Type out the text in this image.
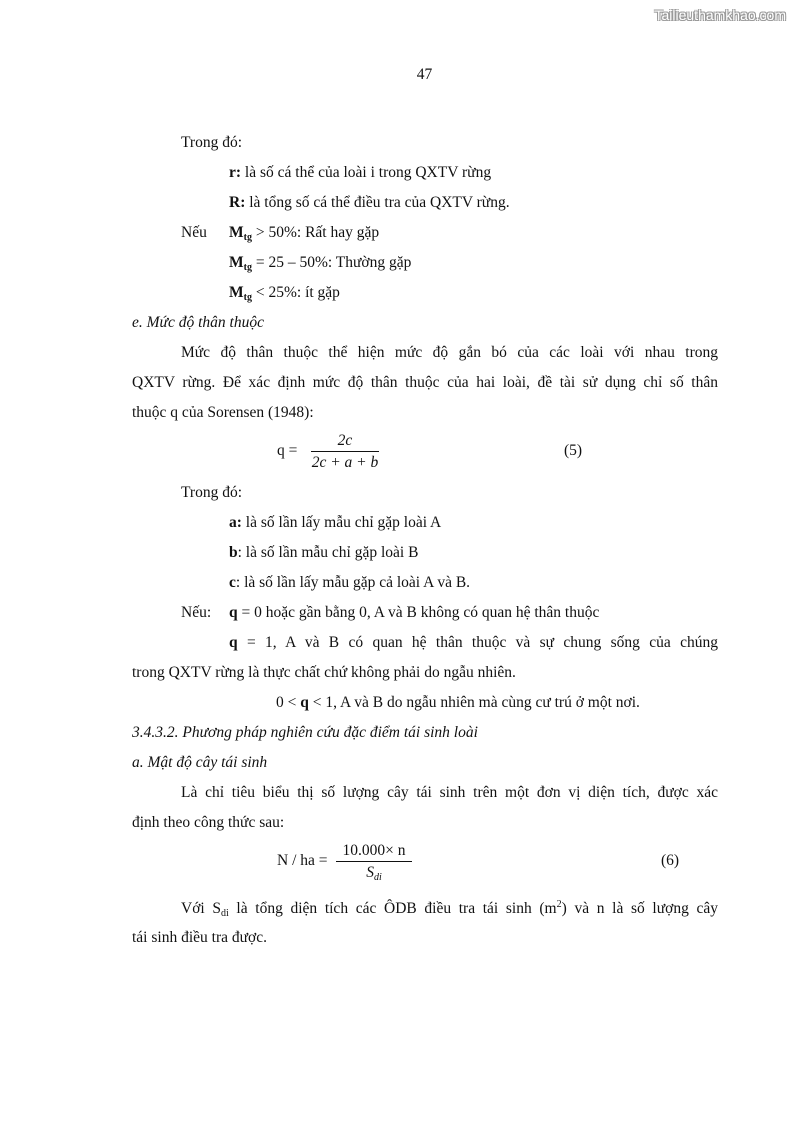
Tailieuthamkhao.com
47
Trong đó:
r: là số cá thể của loài i trong QXTV rừng
R: là tổng số cá thể điều tra của QXTV rừng.
Nếu $M_{tg} > 50\%$: Rất hay gặp
$M_{tg} = 25 - 50\%$: Thường gặp
$M_{tg} < 25\%$: ít gặp
e. Mức độ thân thuộc
Mức độ thân thuộc thể hiện mức độ gắn bó của các loài với nhau trong
QXTV rừng. Để xác định mức độ thân thuộc của hai loài, đề tài sử dụng chỉ số thân
thuộc q của Sorensen (1948):
q =
2c
2c + a + b
(5)
Trong đó:
a: là số lần lấy mẫu chỉ gặp loài A
b: là số lần mẫu chỉ gặp loài B
c: là số lần lấy mẫu gặp cả loài A và B.
Nếu: q = 0 hoặc gần bằng 0, A và B không có quan hệ thân thuộc
q = 1, A và B có quan hệ thân thuộc và sự chung sống của chúng
trong QXTV rừng là thực chất chứ không phải do ngẫu nhiên.
0 < q < 1, A và B do ngẫu nhiên mà cùng cư trú ở một nơi.
3.4.3.2. Phương pháp nghiên cứu đặc điểm tái sinh loài
a. Mật độ cây tái sinh
Là chỉ tiêu biểu thị số lượng cây tái sinh trên một đơn vị diện tích, được xác
định theo công thức sau:
N / ha =
10.000× n
$S_{di}$
(6)
Với $S_{di}$ là tổng diện tích các ÔDB điều tra tái $\sinh (m^2)$ và n là số lượng cây
tái sinh điều tra được.
